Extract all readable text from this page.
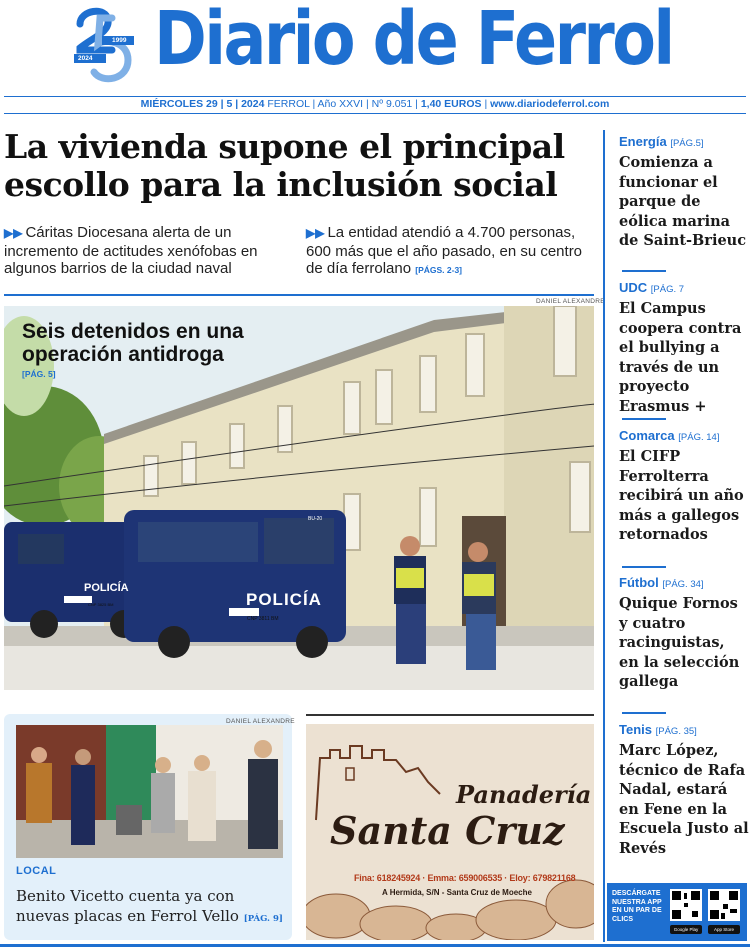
1999
2024 Diario de Ferrol
MIÉRCOLES 29 | 5 | 2024 FERROL | Año XXVI | Nº 9.051 | 1,40 EUROS | www.diariodeferrol.com
La vivienda supone el principal escollo para la inclusión social

▶▶ Cáritas Diocesana alerta de un incremento de actitudes xenófobas en algunos barrios de la ciudad naval

▶▶ La entidad atendió a 4.700 personas, 600 más que el año pasado, en su centro de día ferrolano [PÁGS. 2-3]

POLICÍA
POLICÍA
CNP 3811 BM
CNP 3825 BM
BU-20
DANIEL ALEXANDRE
Seis detenidos en una operación antidroga
[PÁG. 5]
DANIEL ALEXANDRE
LOCAL

Benito Vicetto cuenta ya con nuevas placas en Ferrol Vello [PÁG. 9]

Panadería
Santa Cruz
Fina: 618245924 · Emma: 659006535 · Eloy: 679821168
A Hermida, S/N - Santa Cruz de Moeche
Energía [PÁG.5]
Comienza a funcionar el parque de eólica marina de Saint-Brieuc
UDC [PÁG. 7
El Campus coopera contra el bullying a través de un proyecto Erasmus +
Comarca [PÁG. 14]
El CIFP Ferrolterra recibirá un año más a gallegos retornados
Fútbol [PÁG. 34]
Quique Fornos y cuatro racinguistas, en la selección gallega
Tenis [PÁG. 35]
Marc López, técnico de Rafa Nadal, estará en Fene en la Escuela Justo al Revés
DESCÁRGATE NUESTRA APP EN UN PAR DE CLICS
Google Play	App Store
